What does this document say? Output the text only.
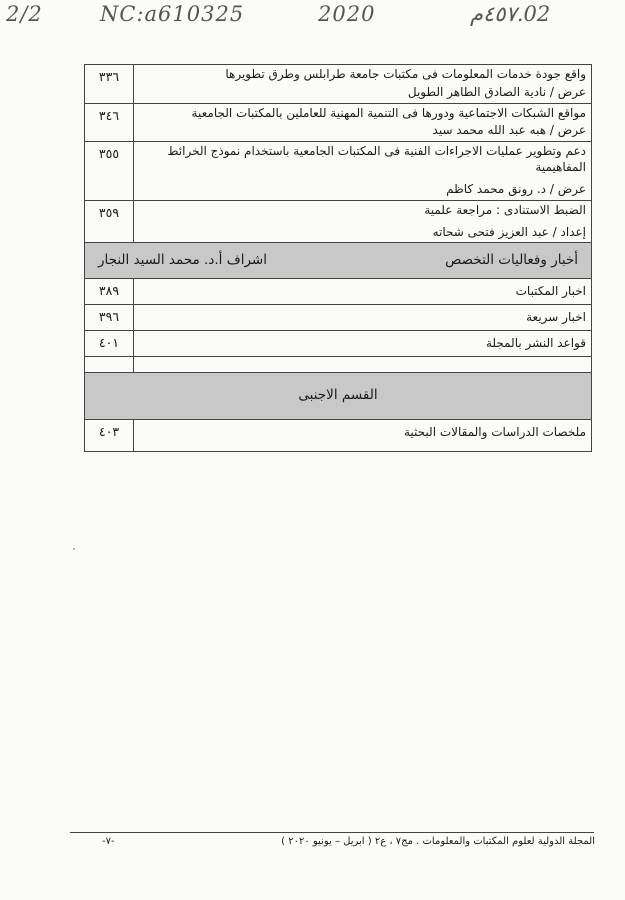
2/2	NC:a610325	2020	02.٤٥٧م
واقع جودة خدمات المعلومات فى مكتبات جامعة طرابلس وطرق تطويرها
عرض / نادية الصادق الطاهر الطويل	٣٣٦

مواقع الشبكات الاجتماعية ودورها فى التنمية المهنية للعاملين بالمكتبات الجامعية
عرض / هبه عبد الله محمد سيد	٣٤٦

دعم وتطوير عمليات الاجراءات الفنية فى المكتبات الجامعية باستخدام نموذج الخرائط المفاهيمية
عرض / د. رونق محمد كاظم	٣٥٥

الضبط الاستنادى : مراجعة علمية
إعداد / عبد العزيز فتحى شحاته	٣٥٩

أخبار وفعاليات التخصص
اشراف أ.د. محمد السيد النجار	

اخبار المكتبات	٣٨٩
اخبار سريعة	٣٩٦
قواعد النشر بالمجلة	٤٠١

القسم الاجنبى	
ملخصات الدراسات والمقالات البحثية	٤٠٣
المجلة الدولية لعلوم المكتبات والمعلومات . مج٧ ، ع٢ ( ابريل – يونيو ٢٠٢٠ )
-٧-
